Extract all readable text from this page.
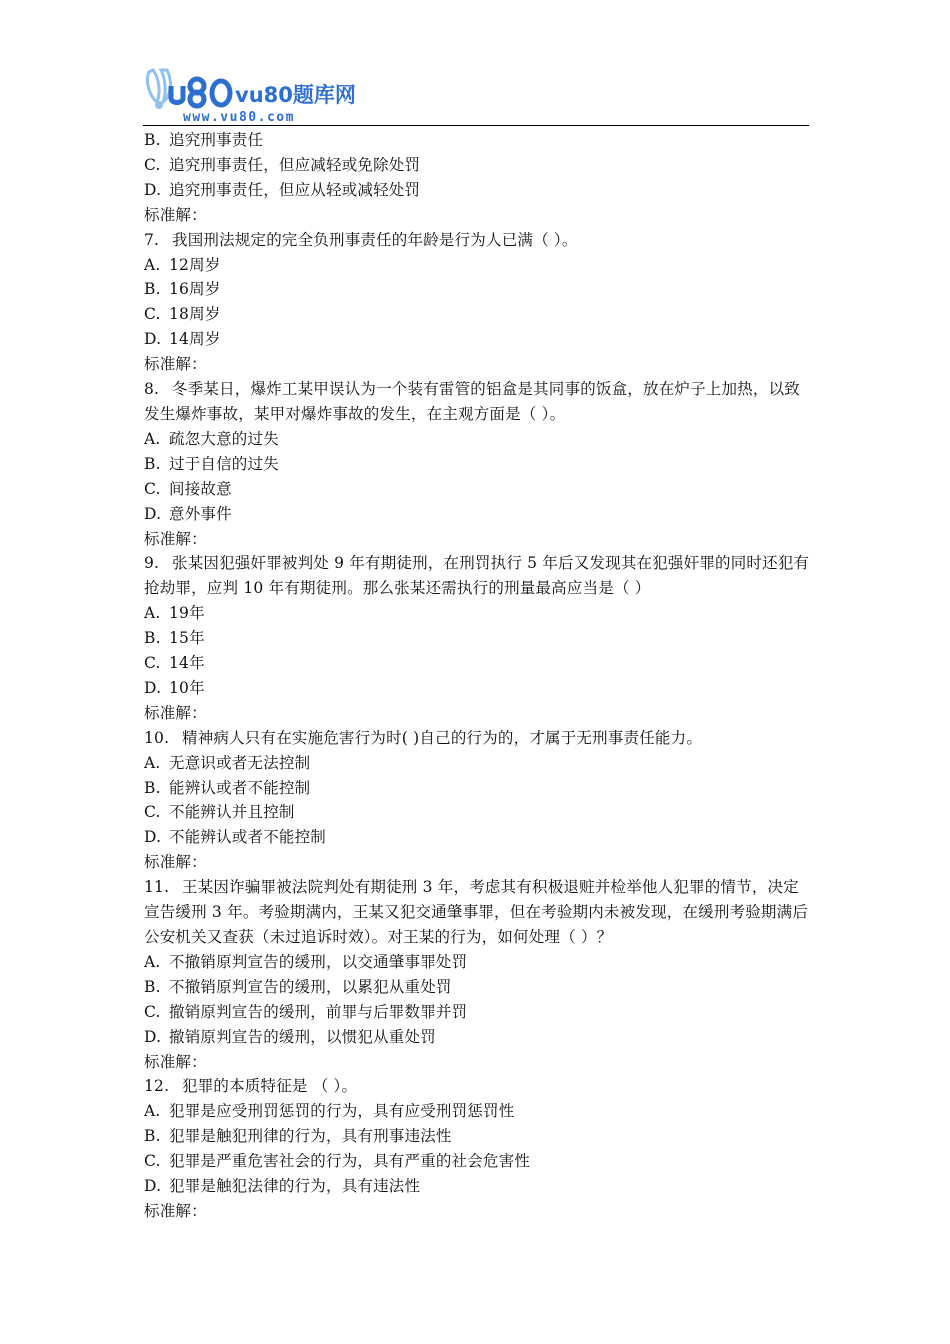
vu80题库网
www.vu80.com
B. 追究刑事责任
C. 追究刑事责任，但应减轻或免除处罚
D. 追究刑事责任，但应从轻或减轻处罚
标准解：
7. 我国刑法规定的完全负刑事责任的年龄是行为人已满（ ）。
A. 12周岁
B. 16周岁
C. 18周岁
D. 14周岁
标准解：
8. 冬季某日，爆炸工某甲误认为一个装有雷管的铝盒是其同事的饭盒，放在炉子上加热，以致发生爆炸事故，某甲对爆炸事故的发生，在主观方面是（ ）。
A. 疏忽大意的过失
B. 过于自信的过失
C. 间接故意
D. 意外事件
标准解：
9. 张某因犯强奸罪被判处 9 年有期徒刑，在刑罚执行 5 年后又发现其在犯强奸罪的同时还犯有抢劫罪，应判 10 年有期徒刑。那么张某还需执行的刑量最高应当是（ ）
A. 19年
B. 15年
C. 14年
D. 10年
标准解：
10. 精神病人只有在实施危害行为时( )自己的行为的，才属于无刑事责任能力。
A. 无意识或者无法控制
B. 能辨认或者不能控制
C. 不能辨认并且控制
D. 不能辨认或者不能控制
标准解：
11. 王某因诈骗罪被法院判处有期徒刑 3 年，考虑其有积极退赃并检举他人犯罪的情节，决定宣告缓刑 3 年。考验期满内，王某又犯交通肇事罪，但在考验期内未被发现，在缓刑考验期满后公安机关又查获（未过追诉时效）。对王某的行为，如何处理（ ）？
A. 不撤销原判宣告的缓刑，以交通肇事罪处罚
B. 不撤销原判宣告的缓刑，以累犯从重处罚
C. 撤销原判宣告的缓刑，前罪与后罪数罪并罚
D. 撤销原判宣告的缓刑，以惯犯从重处罚
标准解：
12. 犯罪的本质特征是 （ ）。
A. 犯罪是应受刑罚惩罚的行为，具有应受刑罚惩罚性
B. 犯罪是触犯刑律的行为，具有刑事违法性
C. 犯罪是严重危害社会的行为，具有严重的社会危害性
D. 犯罪是触犯法律的行为，具有违法性
标准解：
